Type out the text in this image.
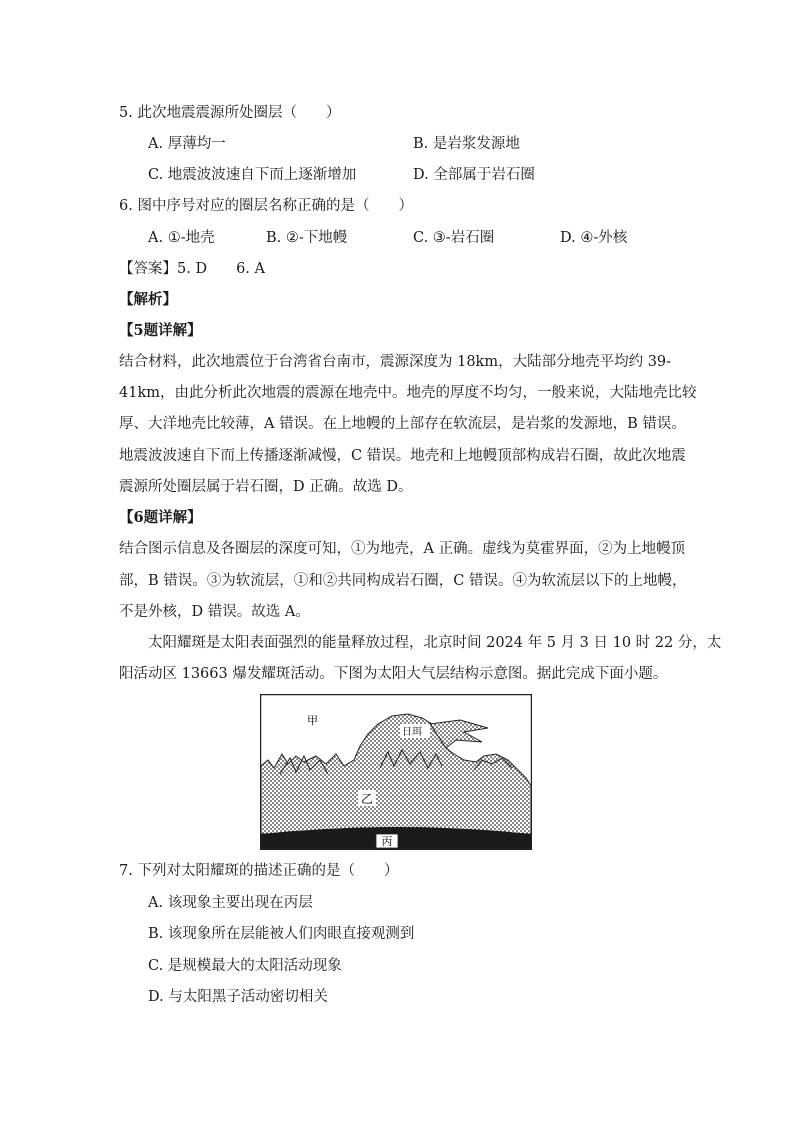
5. 此次地震震源所处圈层（　　）
A. 厚薄均一	B. 是岩浆发源地
C. 地震波波速自下而上逐渐增加	D. 全部属于岩石圈
6. 图中序号对应的圈层名称正确的是（　　）
A. ①-地壳	B. ②-下地幔	C. ③-岩石圈	D. ④-外核
【答案】5. D　　6. A
【解析】
【5题详解】
结合材料，此次地震位于台湾省台南市，震源深度为 18km，大陆部分地壳平均约 39-
41km，由此分析此次地震的震源在地壳中。地壳的厚度不均匀，一般来说，大陆地壳比较
厚、大洋地壳比较薄，A 错误。在上地幔的上部存在软流层，是岩浆的发源地，B 错误。
地震波波速自下而上传播逐渐减慢，C 错误。地壳和上地幔顶部构成岩石圈，故此次地震
震源所处圈层属于岩石圈，D 正确。故选 D。
【6题详解】
结合图示信息及各圈层的深度可知，①为地壳，A 正确。虚线为莫霍界面，②为上地幔顶
部，B 错误。③为软流层，①和②共同构成岩石圈，C 错误。④为软流层以下的上地幔，
不是外核，D 错误。故选 A。
　　太阳耀斑是太阳表面强烈的能量释放过程，北京时间 2024 年 5 月 3 日 10 时 22 分，太
阳活动区 13663 爆发耀斑活动。下图为太阳大气层结构示意图。据此完成下面小题。
丙
甲
乙
日珥
7. 下列对太阳耀斑的描述正确的是（　　）
A. 该现象主要出现在丙层
B. 该现象所在层能被人们肉眼直接观测到
C. 是规模最大的太阳活动现象
D. 与太阳黑子活动密切相关
